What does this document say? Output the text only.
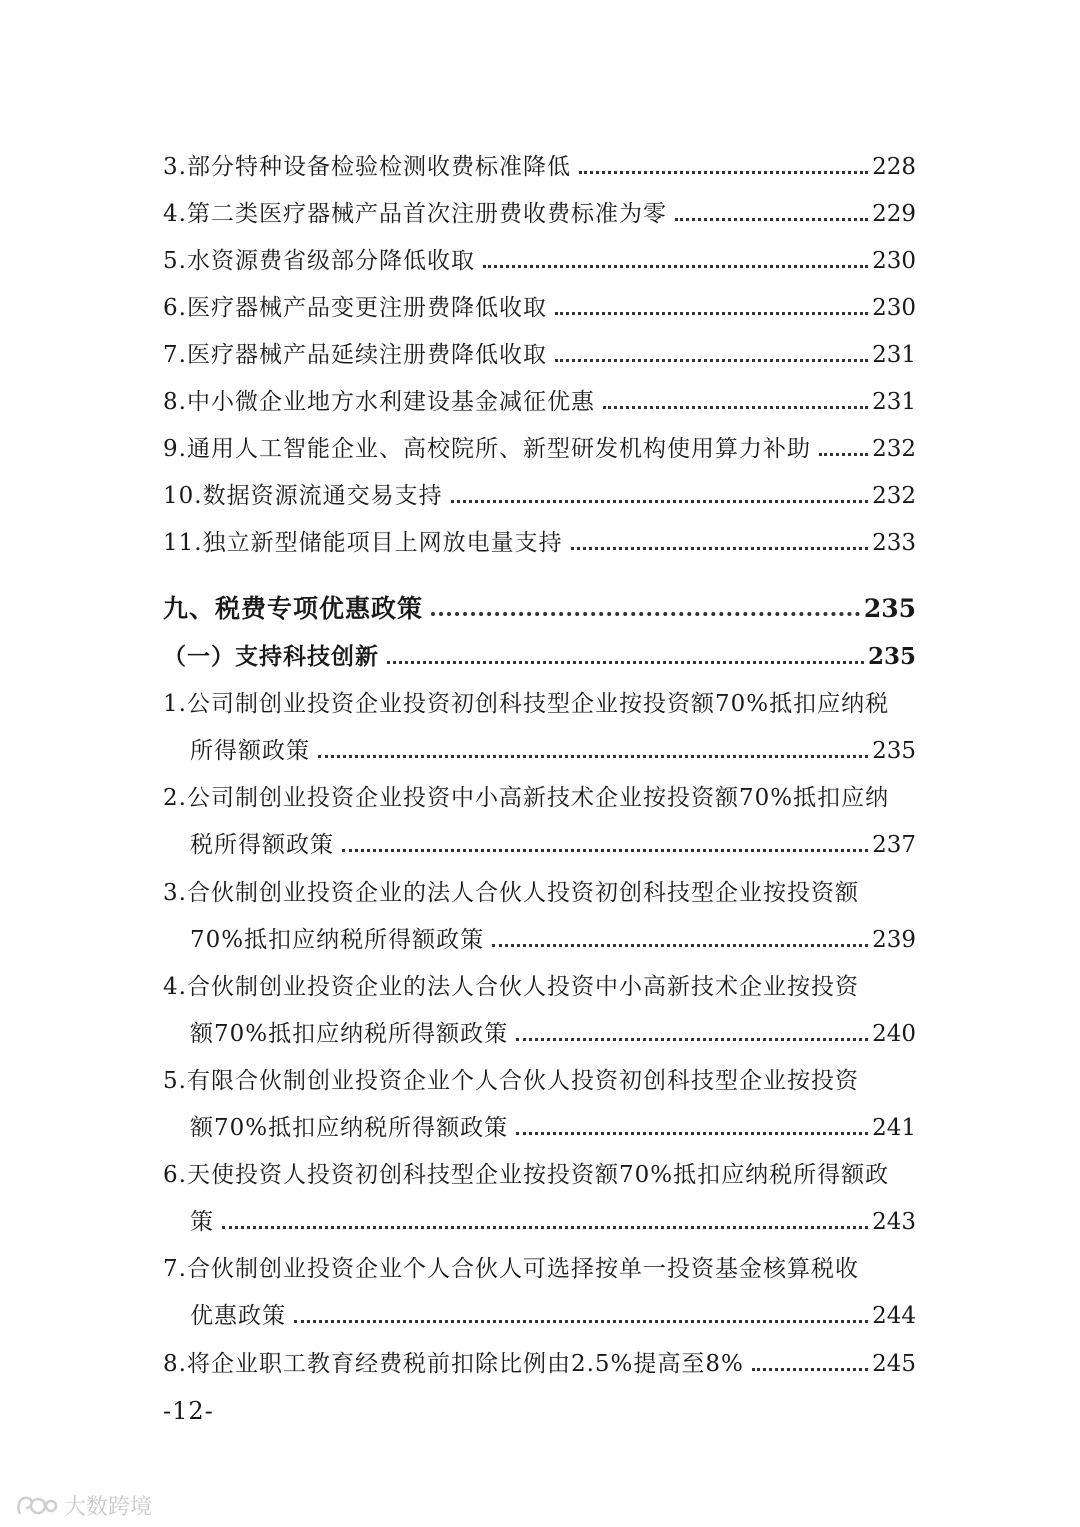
3.部分特种设备检验检测收费标准降低	228
4.第二类医疗器械产品首次注册费收费标准为零	229
5.水资源费省级部分降低收取	230
6.医疗器械产品变更注册费降低收取	230
7.医疗器械产品延续注册费降低收取	231
8.中小微企业地方水利建设基金减征优惠	231
9.通用人工智能企业、高校院所、新型研发机构使用算力补助	232
10.数据资源流通交易支持	232
11.独立新型储能项目上网放电量支持	233
九、税费专项优惠政策	235
（一）支持科技创新	235
1.公司制创业投资企业投资初创科技型企业按投资额70%抵扣应纳税
所得额政策	235
2.公司制创业投资企业投资中小高新技术企业按投资额70%抵扣应纳
税所得额政策	237
3.合伙制创业投资企业的法人合伙人投资初创科技型企业按投资额
70%抵扣应纳税所得额政策	239
4.合伙制创业投资企业的法人合伙人投资中小高新技术企业按投资
额70%抵扣应纳税所得额政策	240
5.有限合伙制创业投资企业个人合伙人投资初创科技型企业按投资
额70%抵扣应纳税所得额政策	241
6.天使投资人投资初创科技型企业按投资额70%抵扣应纳税所得额政
策	243
7.合伙制创业投资企业个人合伙人可选择按单一投资基金核算税收
优惠政策	244
8.将企业职工教育经费税前扣除比例由2.5%提高至8%	245
-12-
大数跨境
